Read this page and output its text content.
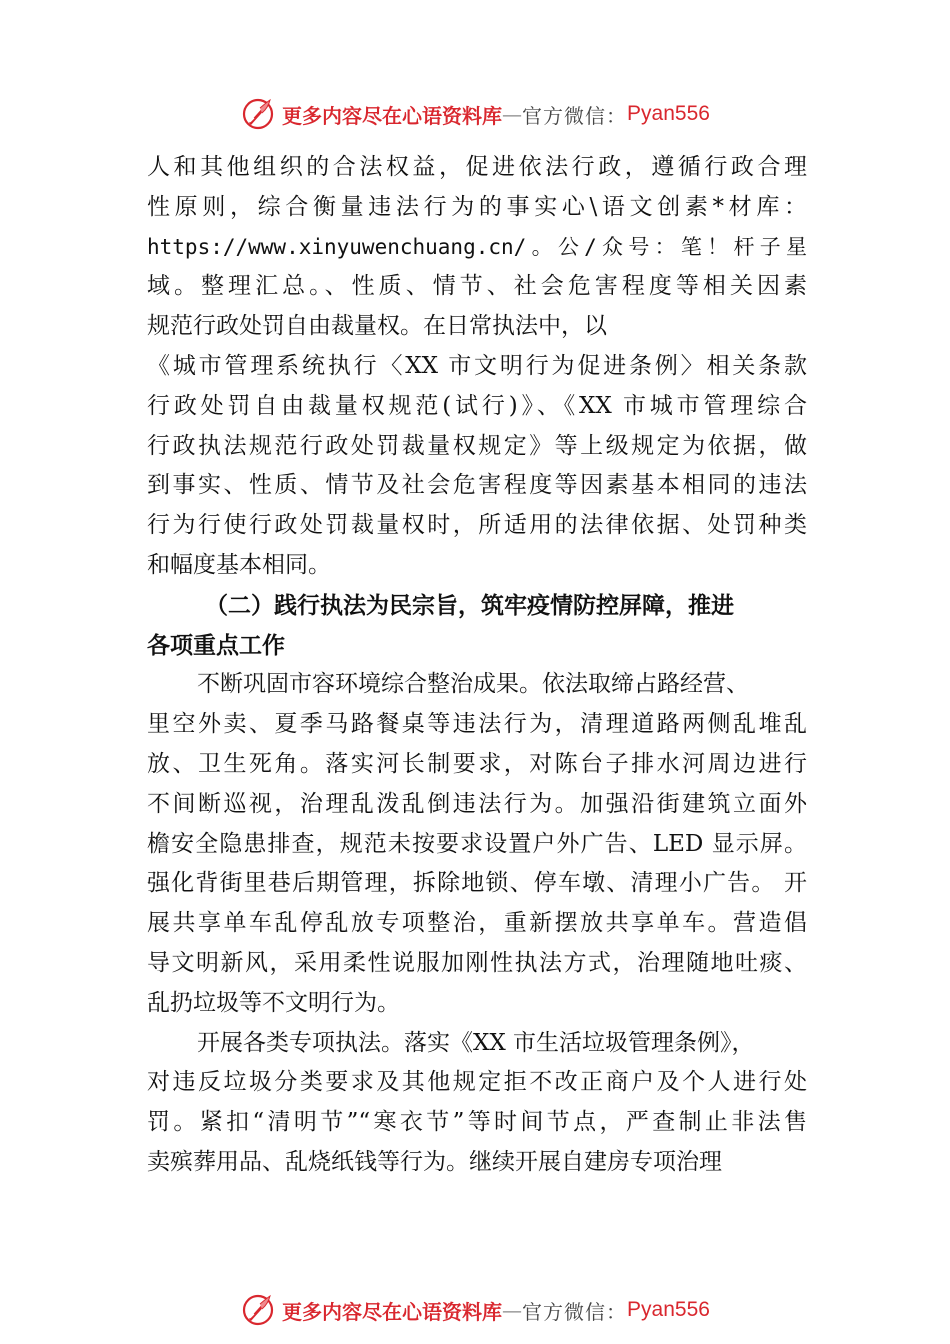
更多内容尽在心语资料库 — 官方微信： Pyan556
人和其他组织的合法权益，促进依法行政，遵循行政合理
性原则，综合衡量违法行为的事实心\语文创素*材库：
https://www.xinyuwenchuang.cn/。公/众号：笔！杆子星
域。整理汇总。、性质、情节、社会危害程度等相关因素
规范行政处罚自由裁量权。在日常执法中，以
《城市管理系统执行〈XX 市文明行为促进条例〉相关条款
行政处罚自由裁量权规范(试行)》、《XX 市城市管理综合
行政执法规范行政处罚裁量权规定》等上级规定为依据，做
到事实、性质、情节及社会危害程度等因素基本相同的违法
行为行使行政处罚裁量权时，所适用的法律依据、处罚种类
和幅度基本相同。
（二）践行执法为民宗旨，筑牢疫情防控屏障，推进
各项重点工作
不断巩固市容环境综合整治成果。依法取缔占路经营、
里空外卖、夏季马路餐桌等违法行为，清理道路两侧乱堆乱
放、卫生死角。落实河长制要求，对陈台子排水河周边进行
不间断巡视，治理乱泼乱倒违法行为。加强沿街建筑立面外
檐安全隐患排查，规范未按要求设置户外广告、LED 显示屏。
强化背街里巷后期管理，拆除地锁、停车墩、清理小广告。 开
展共享单车乱停乱放专项整治，重新摆放共享单车。营造倡
导文明新风，采用柔性说服加刚性执法方式，治理随地吐痰、
乱扔垃圾等不文明行为。
开展各类专项执法。落实《XX 市生活垃圾管理条例》，
对违反垃圾分类要求及其他规定拒不改正商户及个人进行处
罚。紧扣“清明节”“寒衣节”等时间节点，严查制止非法售
卖殡葬用品、乱烧纸钱等行为。继续开展自建房专项治理
更多内容尽在心语资料库 — 官方微信： Pyan556
